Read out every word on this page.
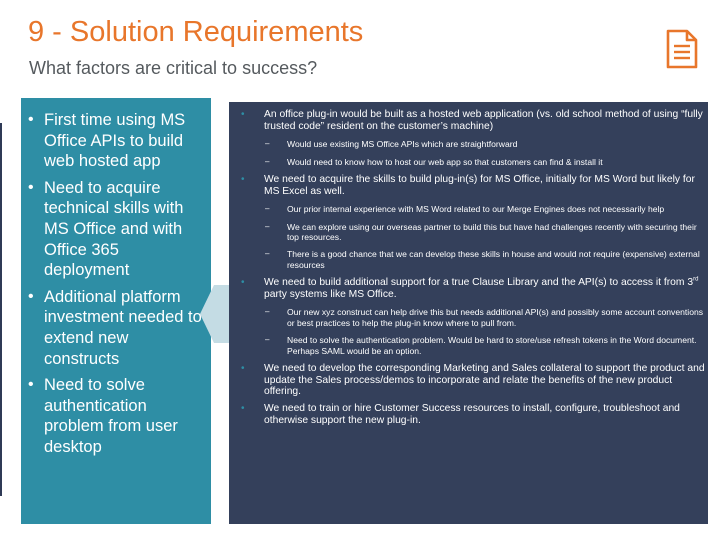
9 - Solution Requirements

What factors are critical to success?

• First time using MS Office APIs to build web hosted app
• Need to acquire technical skills with MS Office and with Office 365 deployment
• Additional platform investment needed to extend new constructs
• Need to solve authentication problem from user desktop
• An office plug-in would be built as a hosted web application (vs. old school method of using “fully trusted code” resident on the customer’s machine)
– Would use existing MS Office APIs which are straightforward
– Would need to know how to host our web app so that customers can find & install it
• We need to acquire the skills to build plug-in(s) for MS Office, initially for MS Word but likely for MS Excel as well.
– Our prior internal experience with MS Word related to our Merge Engines does not necessarily help
– We can explore using our overseas partner to build this but have had challenges recently with securing their top resources.
– There is a good chance that we can develop these skills in house and would not require (expensive) external resources
• We need to build additional support for a true Clause Library and the API(s) to access it from 3rd party systems like MS Office.
– Our new xyz construct can help drive this but needs additional API(s) and possibly some account conventions or best practices to help the plug-in know where to pull from.
– Need to solve the authentication problem. Would be hard to store/use refresh tokens in the Word document. Perhaps SAML would be an option.
• We need to develop the corresponding Marketing and Sales collateral to support the product and update the Sales process/demos to incorporate and relate the benefits of the new product offering.
• We need to train or hire Customer Success resources to install, configure, troubleshoot and otherwise support the new plug-in.
